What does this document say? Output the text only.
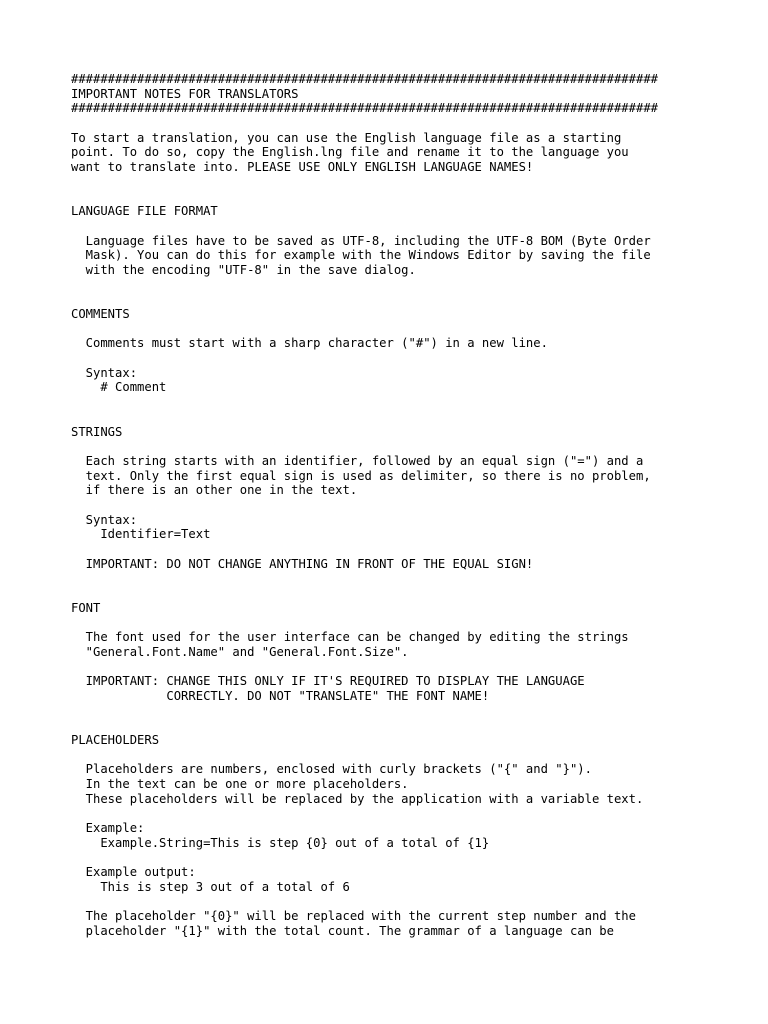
################################################################################
IMPORTANT NOTES FOR TRANSLATORS
################################################################################
To start a translation, you can use the English language file as a starting
point. To do so, copy the English.lng file and rename it to the language you
want to translate into. PLEASE USE ONLY ENGLISH LANGUAGE NAMES!
LANGUAGE FILE FORMAT
Language files have to be saved as UTF-8, including the UTF-8 BOM (Byte Order
Mask). You can do this for example with the Windows Editor by saving the file
with the encoding "UTF-8" in the save dialog.
COMMENTS
Comments must start with a sharp character ("#") in a new line.
Syntax:
# Comment
STRINGS
Each string starts with an identifier, followed by an equal sign ("=") and a
text. Only the first equal sign is used as delimiter, so there is no problem,
if there is an other one in the text.
Syntax:
Identifier=Text
IMPORTANT: DO NOT CHANGE ANYTHING IN FRONT OF THE EQUAL SIGN!
FONT
The font used for the user interface can be changed by editing the strings
"General.Font.Name" and "General.Font.Size".
IMPORTANT: CHANGE THIS ONLY IF IT'S REQUIRED TO DISPLAY THE LANGUAGE
CORRECTLY. DO NOT "TRANSLATE" THE FONT NAME!
PLACEHOLDERS
Placeholders are numbers, enclosed with curly brackets ("{" and "}").
In the text can be one or more placeholders.
These placeholders will be replaced by the application with a variable text.
Example:
Example.String=This is step {0} out of a total of {1}
Example output:
This is step 3 out of a total of 6
The placeholder "{0}" will be replaced with the current step number and the
placeholder "{1}" with the total count. The grammar of a language can be
